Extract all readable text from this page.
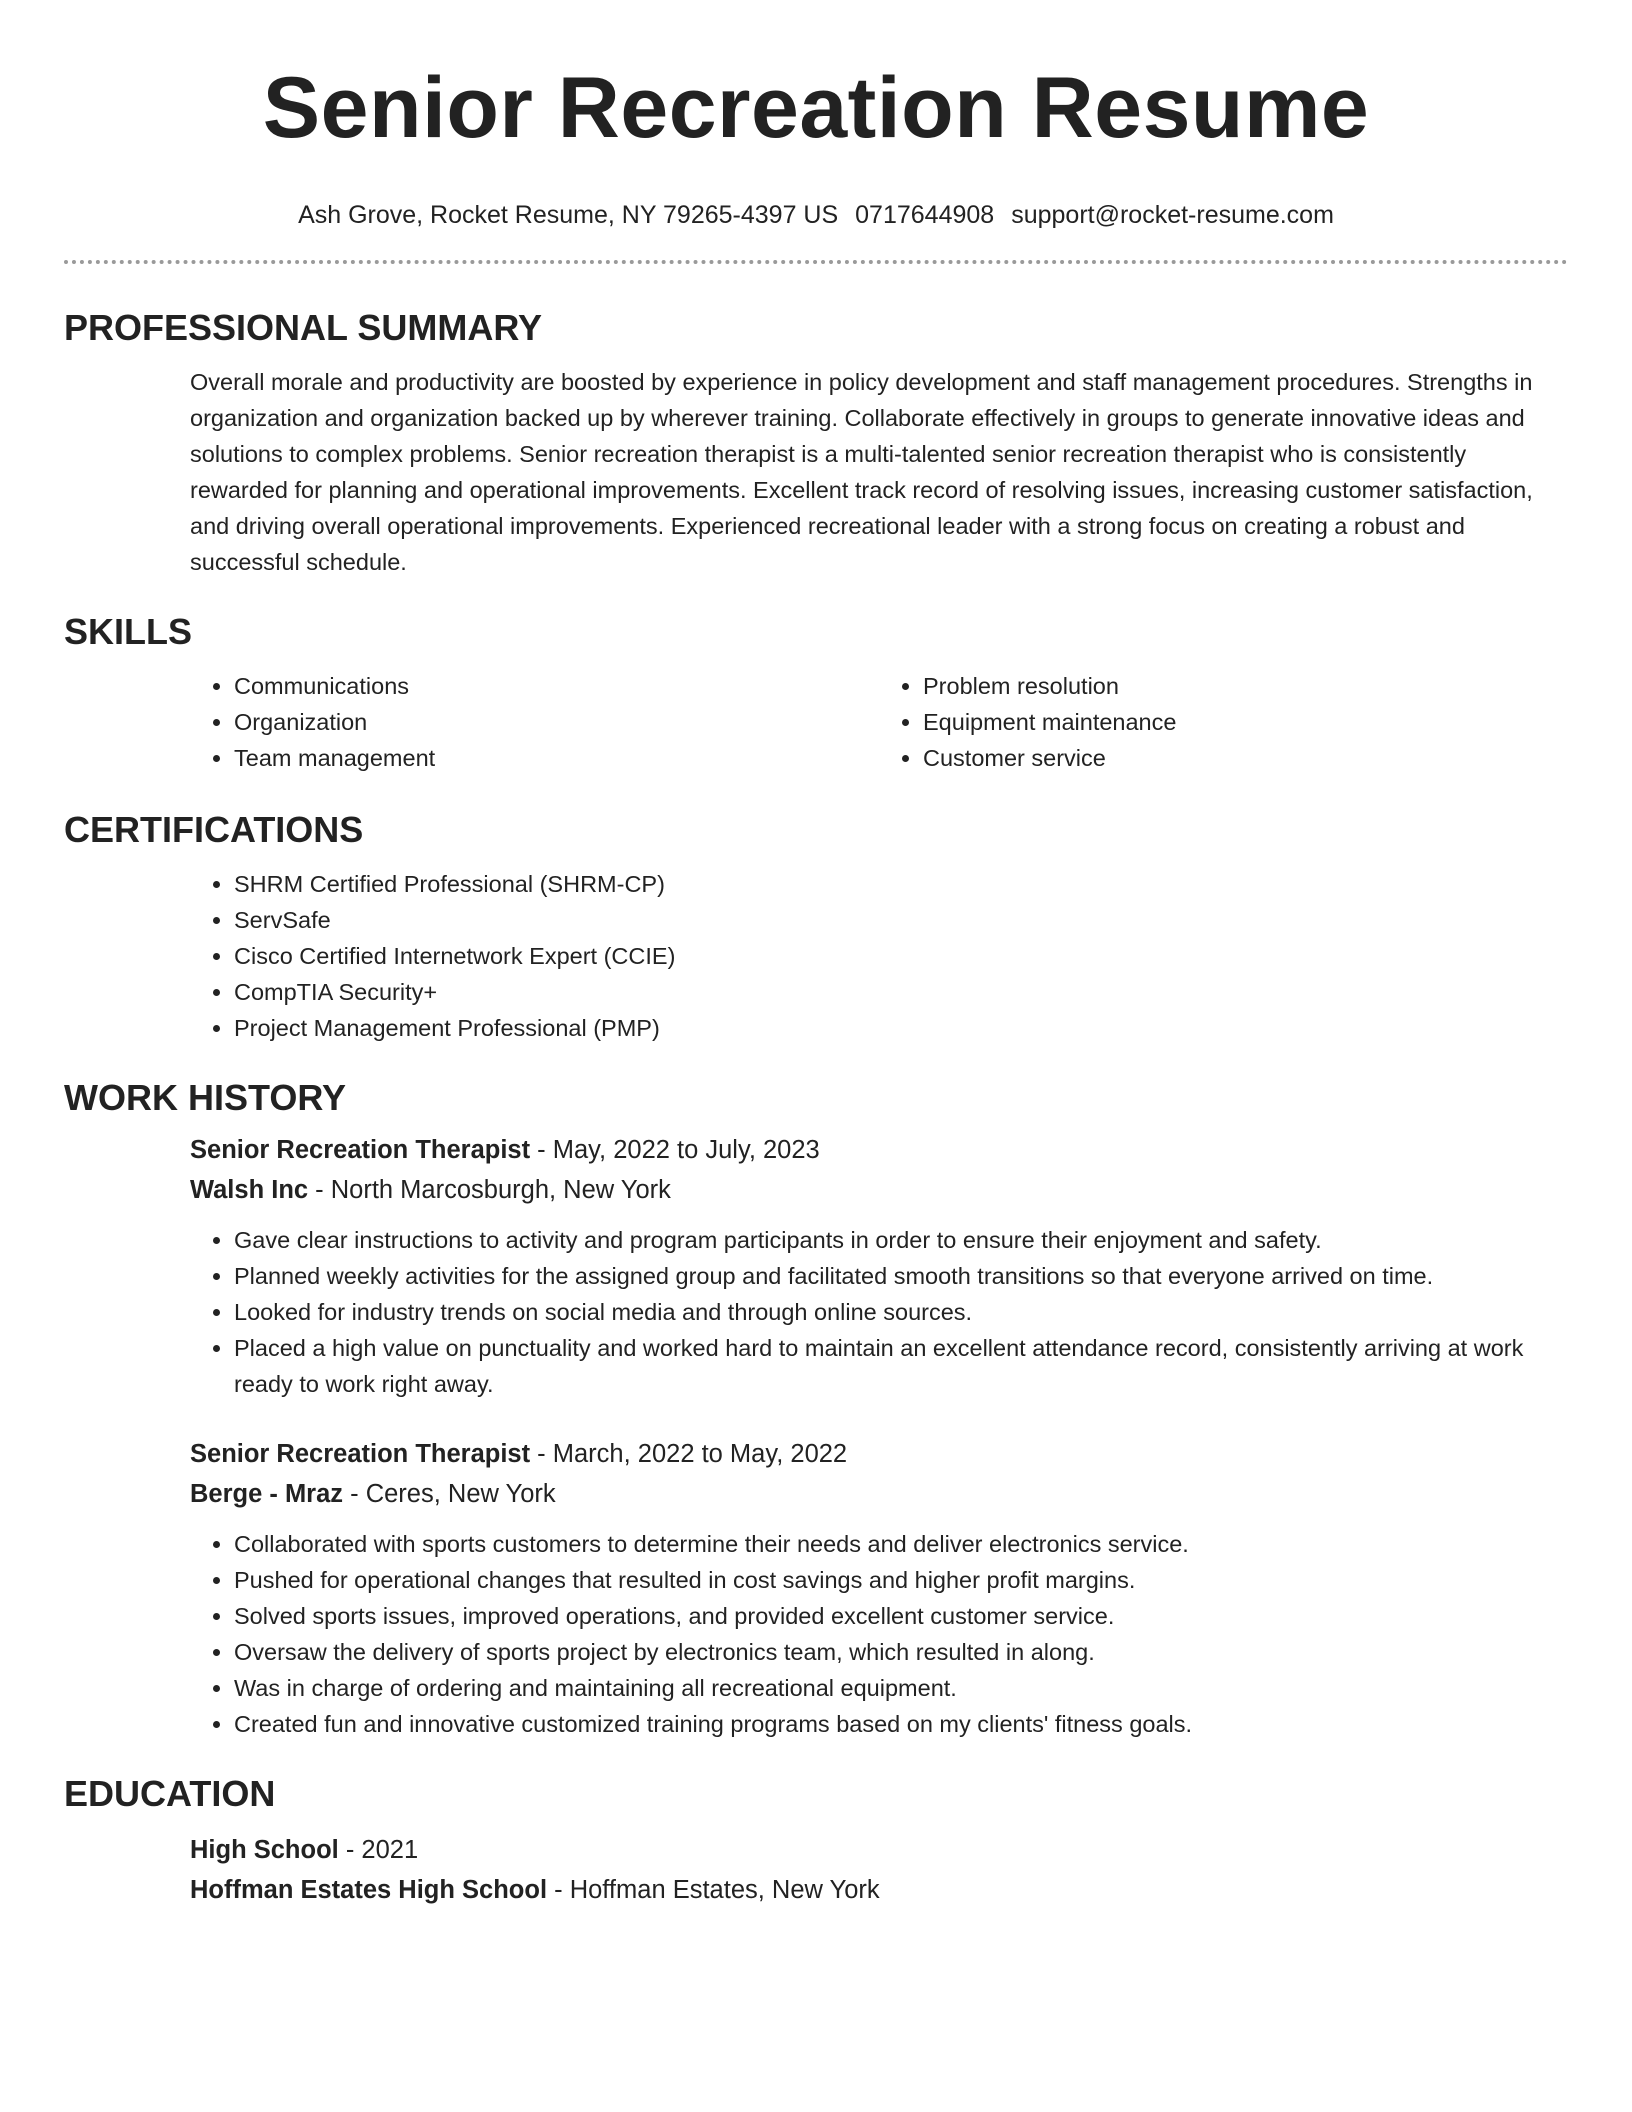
Senior Recreation Resume
Ash Grove, Rocket Resume, NY 79265-4397 US 0717644908 support@rocket-resume.com
PROFESSIONAL SUMMARY
Overall morale and productivity are boosted by experience in policy development and staff management procedures. Strengths in organization and organization backed up by wherever training. Collaborate effectively in groups to generate innovative ideas and solutions to complex problems. Senior recreation therapist is a multi-talented senior recreation therapist who is consistently rewarded for planning and operational improvements. Excellent track record of resolving issues, increasing customer satisfaction, and driving overall operational improvements. Experienced recreational leader with a strong focus on creating a robust and successful schedule.
SKILLS
• Communications
• Organization
• Team management
• Problem resolution
• Equipment maintenance
• Customer service
CERTIFICATIONS
• SHRM Certified Professional (SHRM-CP)
• ServSafe
• Cisco Certified Internetwork Expert (CCIE)
• CompTIA Security+
• Project Management Professional (PMP)
WORK HISTORY
Senior Recreation Therapist - May, 2022 to July, 2023
Walsh Inc - North Marcosburgh, New York
• Gave clear instructions to activity and program participants in order to ensure their enjoyment and safety.
• Planned weekly activities for the assigned group and facilitated smooth transitions so that everyone arrived on time.
• Looked for industry trends on social media and through online sources.
• Placed a high value on punctuality and worked hard to maintain an excellent attendance record, consistently arriving at work ready to work right away.
Senior Recreation Therapist - March, 2022 to May, 2022
Berge - Mraz - Ceres, New York
• Collaborated with sports customers to determine their needs and deliver electronics service.
• Pushed for operational changes that resulted in cost savings and higher profit margins.
• Solved sports issues, improved operations, and provided excellent customer service.
• Oversaw the delivery of sports project by electronics team, which resulted in along.
• Was in charge of ordering and maintaining all recreational equipment.
• Created fun and innovative customized training programs based on my clients' fitness goals.
EDUCATION
High School - 2021
Hoffman Estates High School - Hoffman Estates, New York
